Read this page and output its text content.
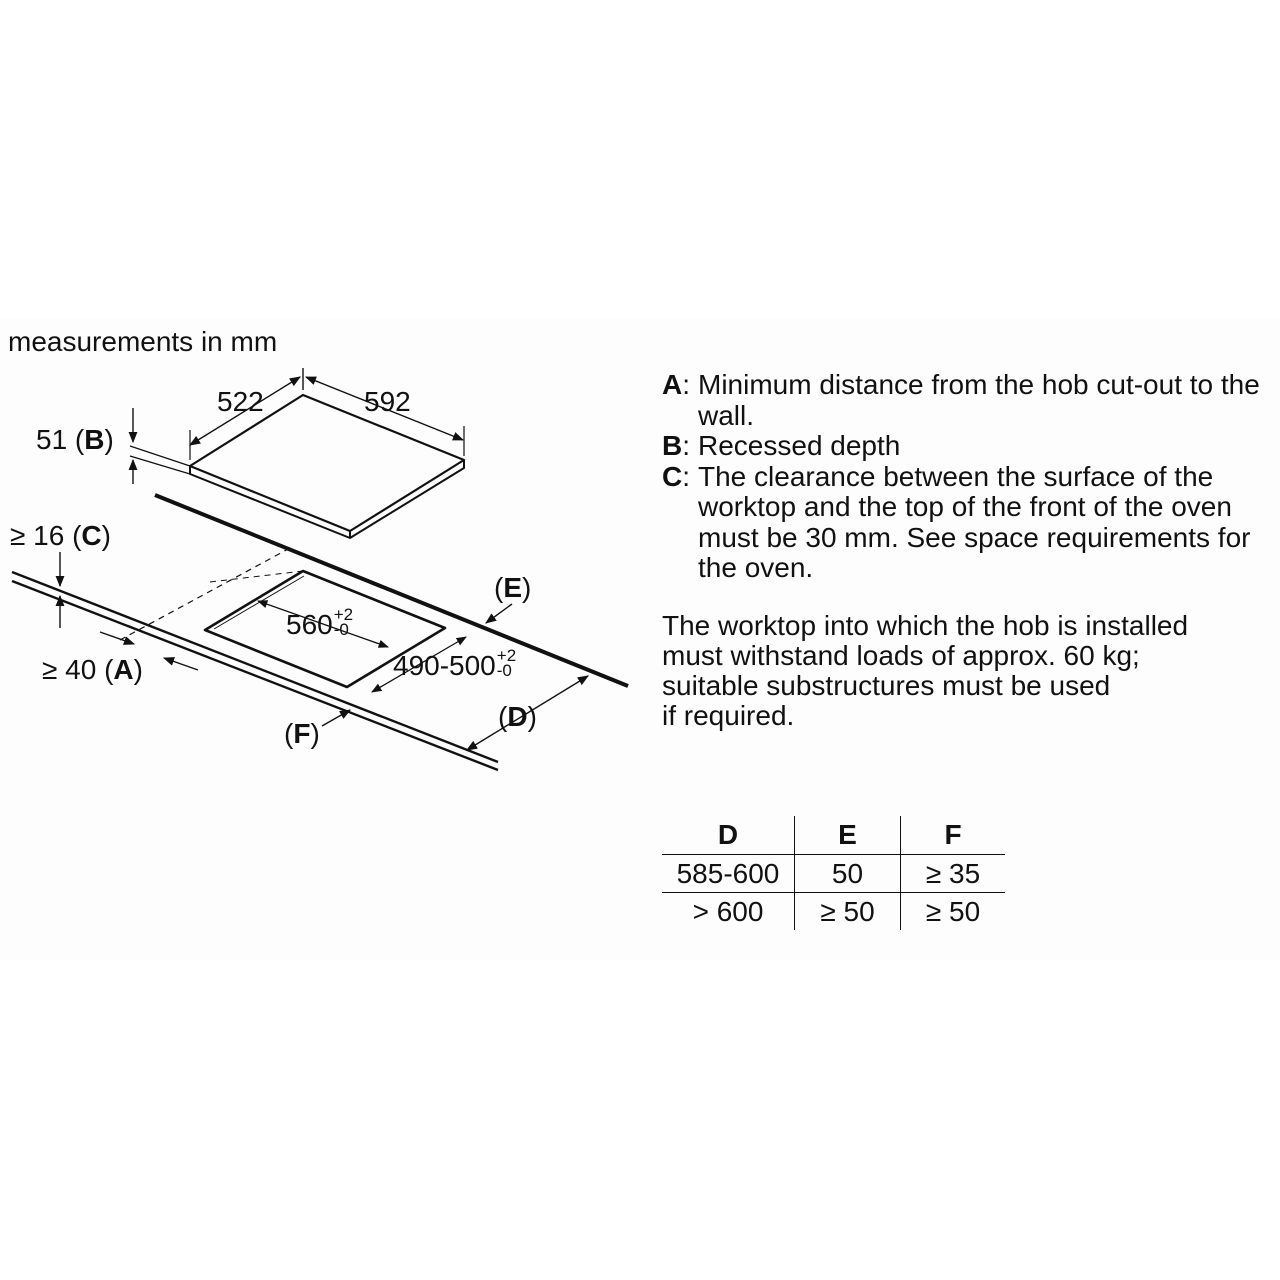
measurements in mm
522	592
51 (B)
≥ 16 (C)
560 +2
-0
490-500 +2
-0
≥ 40 (A)
(E)
(D)
(F)
A: Minimum distance from the hob cut-out to the wall.
B: Recessed depth
C: The clearance between the surface of the worktop and the top of the front of the oven must be 30 mm. See space requirements for the oven.
The worktop into which the hob is installed
must withstand loads of approx. 60 kg;
suitable substructures must be used
if required.
D	E	F
585-600	50	≥ 35
> 600	≥ 50	≥ 50
